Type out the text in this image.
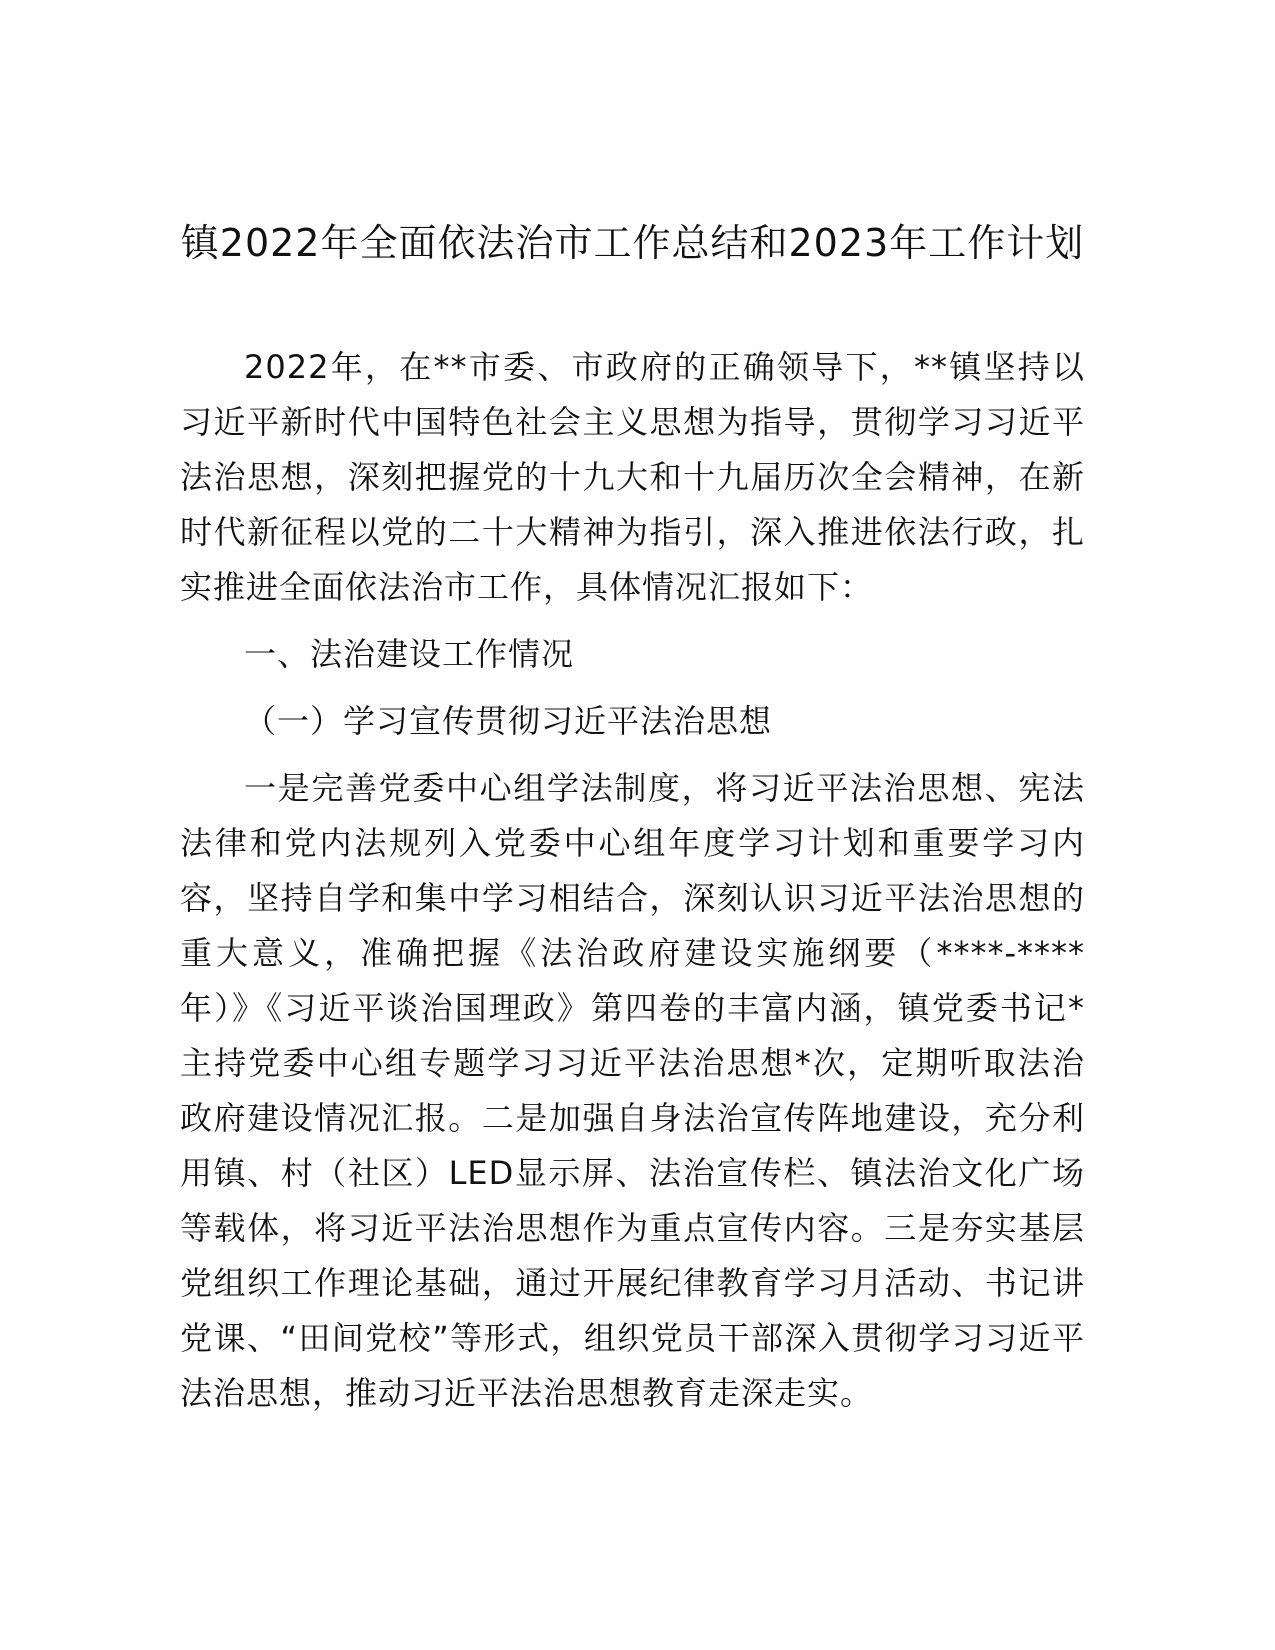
镇2022年全面依法治市工作总结和2023年工作计划

2022年，在**市委、市政府的正确领导下，**镇坚持以习近平新时代中国特色社会主义思想为指导，贯彻学习习近平法治思想，深刻把握党的十九大和十九届历次全会精神，在新时代新征程以党的二十大精神为指引，深入推进依法行政，扎实推进全面依法治市工作，具体情况汇报如下：

一、法治建设工作情况

（一）学习宣传贯彻习近平法治思想

一是完善党委中心组学法制度，将习近平法治思想、宪法法律和党内法规列入党委中心组年度学习计划和重要学习内容，坚持自学和集中学习相结合，深刻认识习近平法治思想的重大意义，准确把握《法治政府建设实施纲要（****-****年）》《习近平谈治国理政》第四卷的丰富内涵，镇党委书记*主持党委中心组专题学习习近平法治思想*次，定期听取法治政府建设情况汇报。二是加强自身法治宣传阵地建设，充分利用镇、村（社区）LED显示屏、法治宣传栏、镇法治文化广场等载体，将习近平法治思想作为重点宣传内容。三是夯实基层党组织工作理论基础，通过开展纪律教育学习月活动、书记讲党课、“田间党校”等形式，组织党员干部深入贯彻学习习近平法治思想，推动习近平法治思想教育走深走实。
